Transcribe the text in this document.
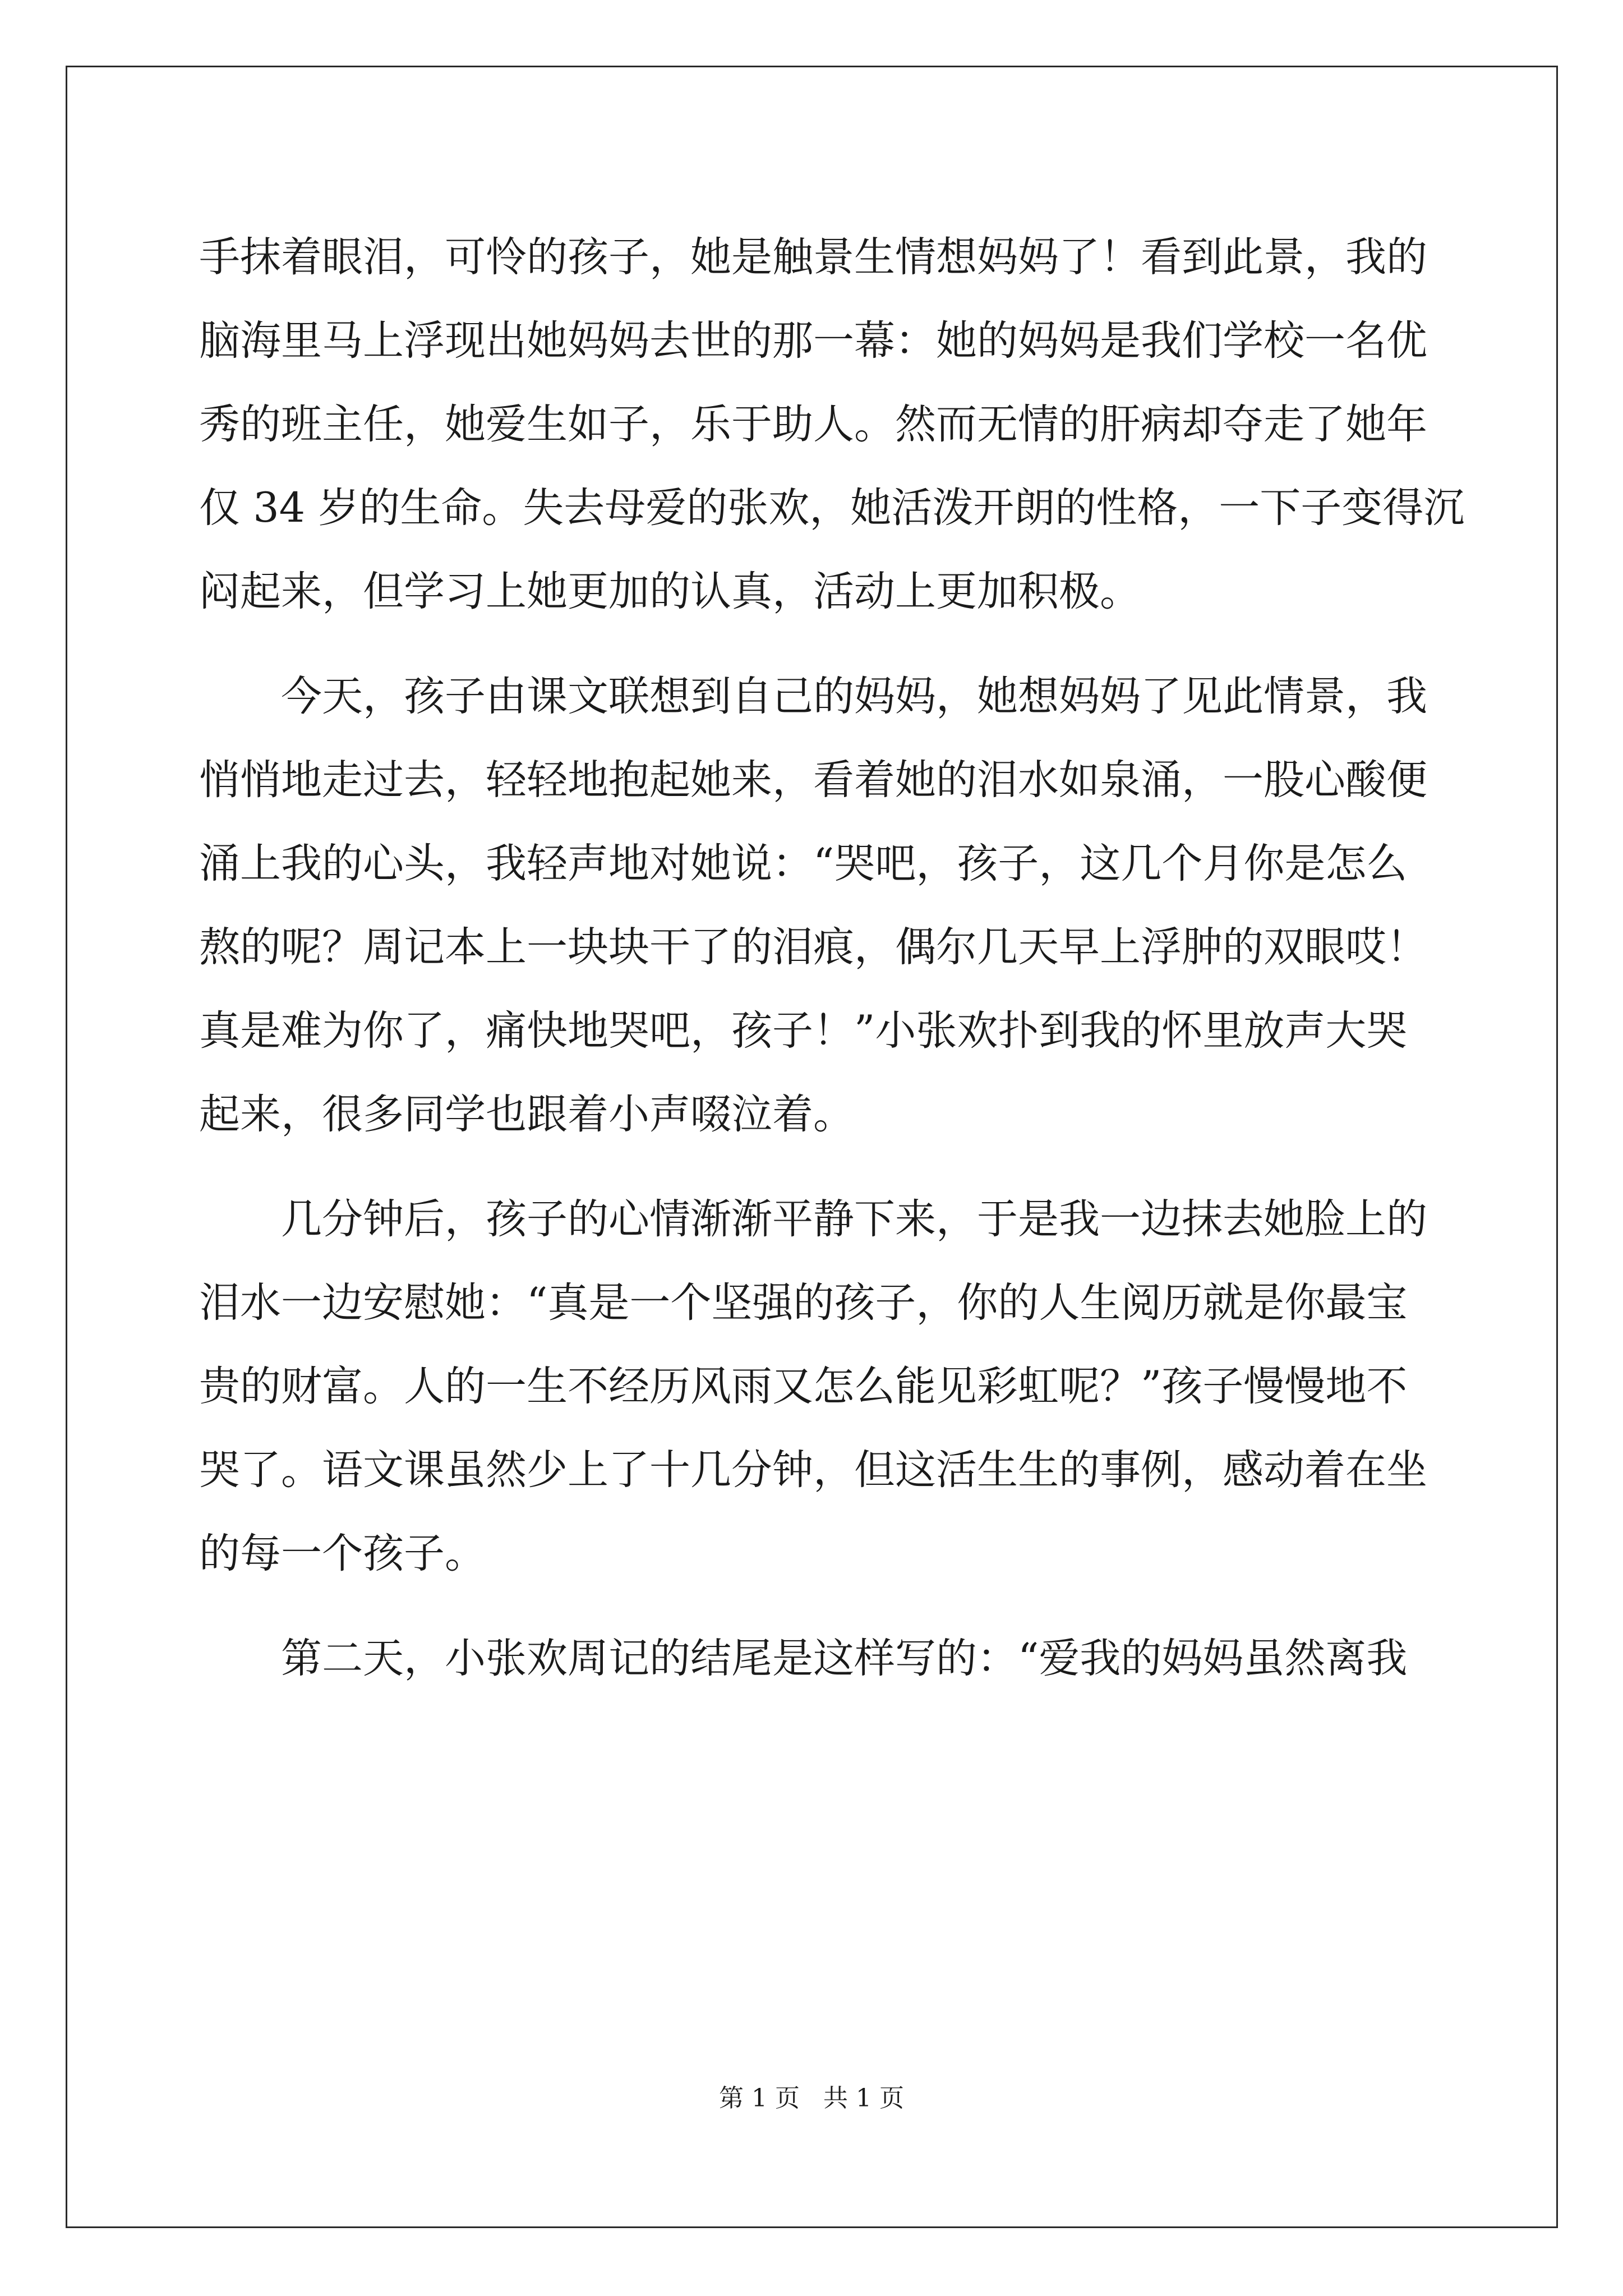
手抹着眼泪，可怜的孩子，她是触景生情想妈妈了！看到此景，我的
脑海里马上浮现出她妈妈去世的那一幕：她的妈妈是我们学校一名优
秀的班主任，她爱生如子，乐于助人。然而无情的肝病却夺走了她年
仅 34 岁的生命。失去母爱的张欢，她活泼开朗的性格，一下子变得沉
闷起来，但学习上她更加的认真，活动上更加积极。
今天，孩子由课文联想到自己的妈妈，她想妈妈了见此情景，我
悄悄地走过去，轻轻地抱起她来，看着她的泪水如泉涌，一股心酸便
涌上我的心头，我轻声地对她说：“哭吧，孩子，这几个月你是怎么
熬的呢？周记本上一块块干了的泪痕，偶尔几天早上浮肿的双眼哎！
真是难为你了，痛快地哭吧，孩子！”小张欢扑到我的怀里放声大哭
起来，很多同学也跟着小声啜泣着。
几分钟后，孩子的心情渐渐平静下来，于是我一边抹去她脸上的
泪水一边安慰她：“真是一个坚强的孩子，你的人生阅历就是你最宝
贵的财富。人的一生不经历风雨又怎么能见彩虹呢？”孩子慢慢地不
哭了。语文课虽然少上了十几分钟，但这活生生的事例，感动着在坐
的每一个孩子。
第二天，小张欢周记的结尾是这样写的：“爱我的妈妈虽然离我
第 1 页   共 1 页
